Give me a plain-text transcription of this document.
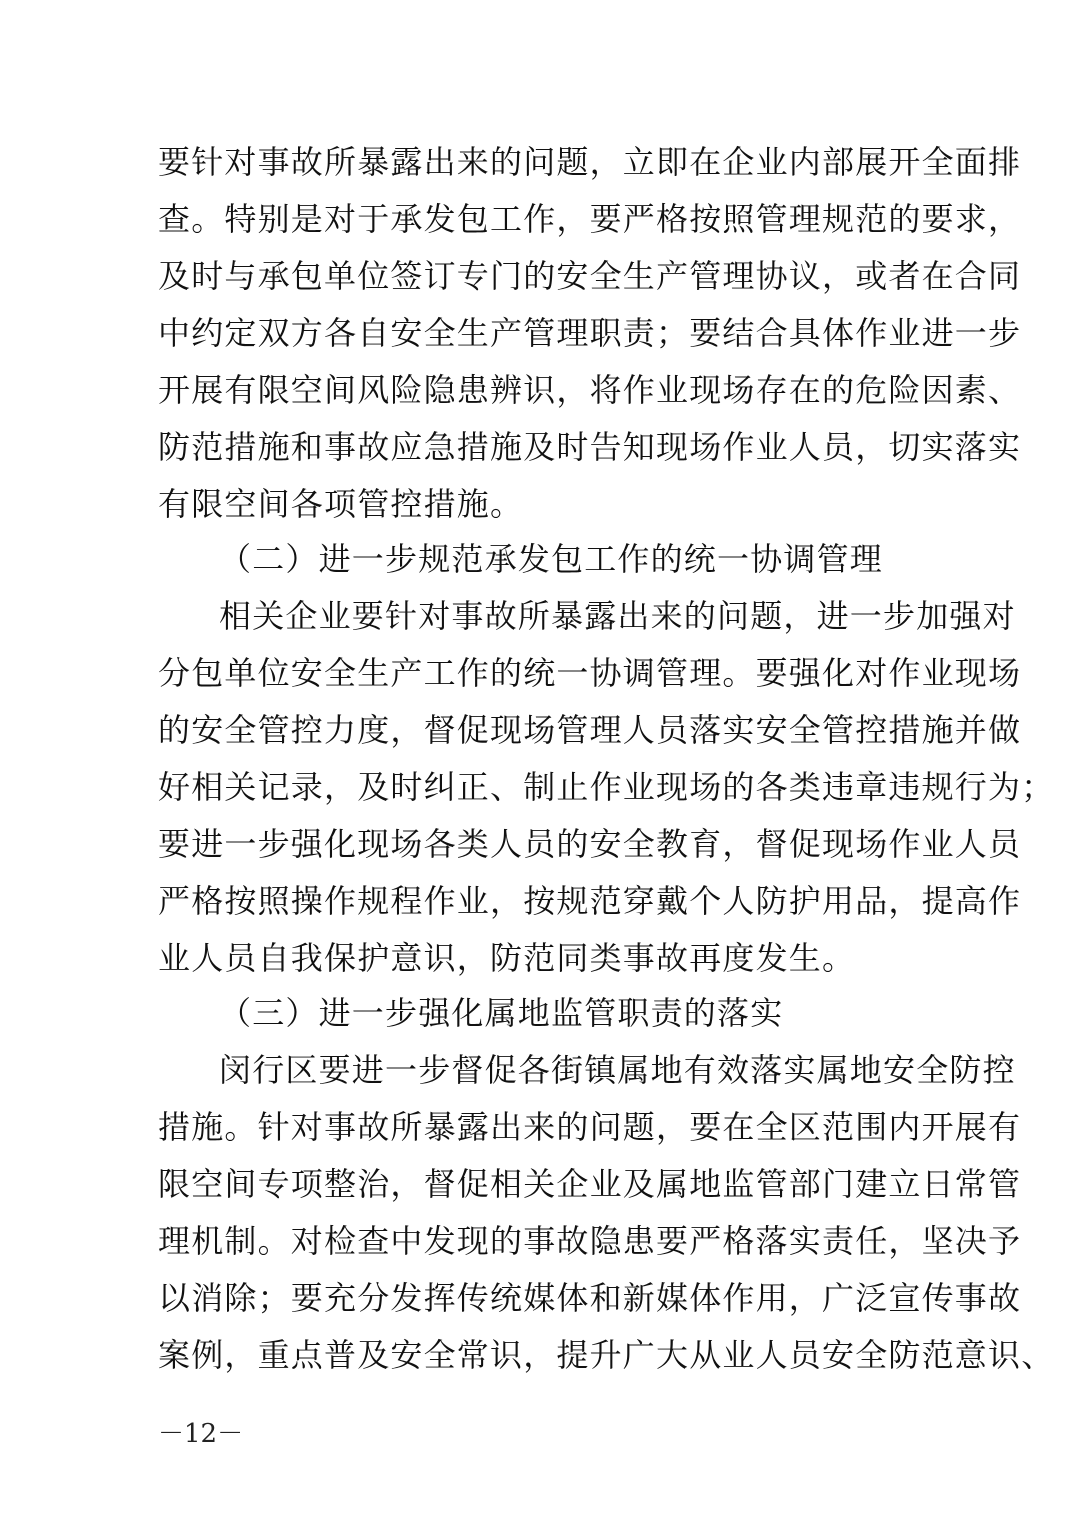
要针对事故所暴露出来的问题，立即在企业内部展开全面排
查。特别是对于承发包工作，要严格按照管理规范的要求，
及时与承包单位签订专门的安全生产管理协议，或者在合同
中约定双方各自安全生产管理职责；要结合具体作业进一步
开展有限空间风险隐患辨识，将作业现场存在的危险因素、
防范措施和事故应急措施及时告知现场作业人员，切实落实
有限空间各项管控措施。
（二）进一步规范承发包工作的统一协调管理
相关企业要针对事故所暴露出来的问题，进一步加强对
分包单位安全生产工作的统一协调管理。要强化对作业现场
的安全管控力度，督促现场管理人员落实安全管控措施并做
好相关记录，及时纠正、制止作业现场的各类违章违规行为；
要进一步强化现场各类人员的安全教育，督促现场作业人员
严格按照操作规程作业，按规范穿戴个人防护用品，提高作
业人员自我保护意识，防范同类事故再度发生。
（三）进一步强化属地监管职责的落实
闵行区要进一步督促各街镇属地有效落实属地安全防控
措施。针对事故所暴露出来的问题，要在全区范围内开展有
限空间专项整治，督促相关企业及属地监管部门建立日常管
理机制。对检查中发现的事故隐患要严格落实责任，坚决予
以消除；要充分发挥传统媒体和新媒体作用，广泛宣传事故
案例，重点普及安全常识，提升广大从业人员安全防范意识、
－12－
